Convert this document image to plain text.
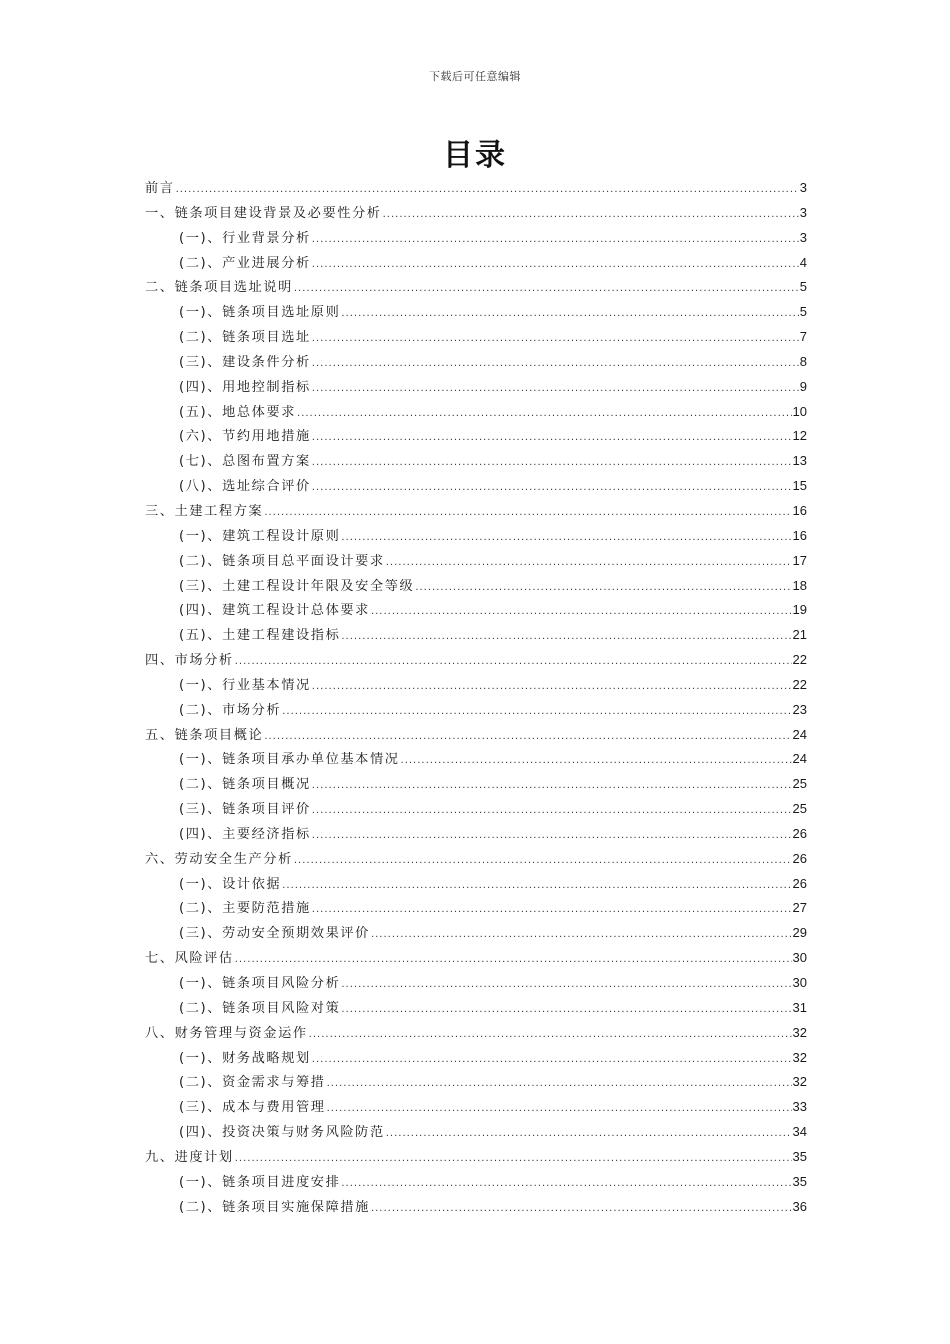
下载后可任意编辑
目录
前言 .....	3
一、链条项目建设背景及必要性分析 .....	3
(一)、行业背景分析 .....	3
(二)、产业进展分析 .....	4
二、链条项目选址说明 .....	5
(一)、链条项目选址原则 .....	5
(二)、链条项目选址 .....	7
(三)、建设条件分析 .....	8
(四)、用地控制指标 .....	9
(五)、地总体要求 .....	10
(六)、节约用地措施 .....	12
(七)、总图布置方案 .....	13
(八)、选址综合评价 .....	15
三、土建工程方案 .....	16
(一)、建筑工程设计原则 .....	16
(二)、链条项目总平面设计要求 .....	17
(三)、土建工程设计年限及安全等级 .....	18
(四)、建筑工程设计总体要求 .....	19
(五)、土建工程建设指标 .....	21
四、市场分析 .....	22
(一)、行业基本情况 .....	22
(二)、市场分析 .....	23
五、链条项目概论 .....	24
(一)、链条项目承办单位基本情况 .....	24
(二)、链条项目概况 .....	25
(三)、链条项目评价 .....	25
(四)、主要经济指标 .....	26
六、劳动安全生产分析 .....	26
(一)、设计依据 .....	26
(二)、主要防范措施 .....	27
(三)、劳动安全预期效果评价 .....	29
七、风险评估 .....	30
(一)、链条项目风险分析 .....	30
(二)、链条项目风险对策 .....	31
八、财务管理与资金运作 .....	32
(一)、财务战略规划 .....	32
(二)、资金需求与筹措 .....	32
(三)、成本与费用管理 .....	33
(四)、投资决策与财务风险防范 .....	34
九、进度计划 .....	35
(一)、链条项目进度安排 .....	35
(二)、链条项目实施保障措施 .....	36
